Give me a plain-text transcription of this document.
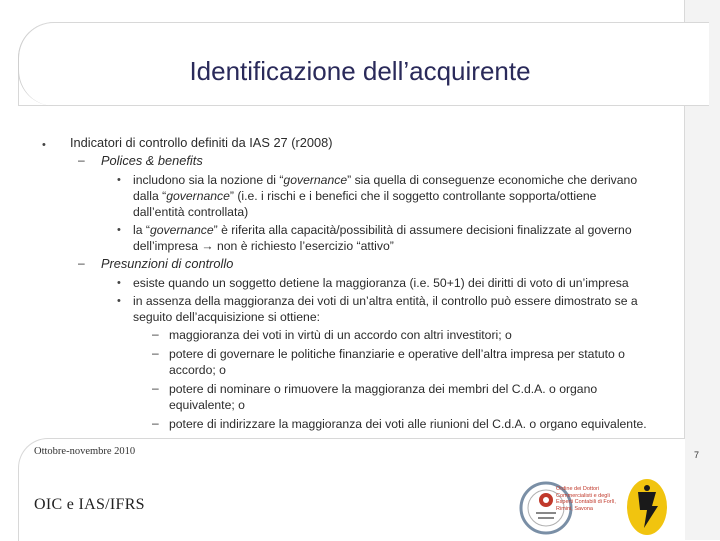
Identificazione dell’acquirente
• Indicatori di controllo definiti da IAS 27 (r2008)
– Polices & benefits
• includono sia la nozione di “governance” sia quella di conseguenze economiche che derivano
dalla “governance” (i.e. i rischi e i benefici che il soggetto controllante sopporta/ottiene
dall’entità controllata)
• la “governance” è riferita alla capacità/possibilità di assumere decisioni finalizzate al governo
dell’impresa → non è richiesto l’esercizio “attivo”
– Presunzioni di controllo
• esiste quando un soggetto detiene la maggioranza (i.e. 50+1) dei diritti di voto di un’impresa
• in assenza della maggioranza dei voti di un’altra entità, il controllo può essere dimostrato se a
seguito dell’acquisizione si ottiene:
– maggioranza dei voti in virtù di un accordo con altri investitori; o
– potere di governare le politiche finanziarie e operative dell’altra impresa per statuto o
accordo; o
– potere di nominare o rimuovere la maggioranza dei membri del C.d.A. o organo
equivalente; o
– potere di indirizzare la maggioranza dei voti alle riunioni del C.d.A. o organo equivalente.
7
Ottobre-novembre 2010
OIC e IAS/IFRS
Ordine dei Dottori Commercialisti e degli Esperti Contabili di Forlì, Rimini, Savona
